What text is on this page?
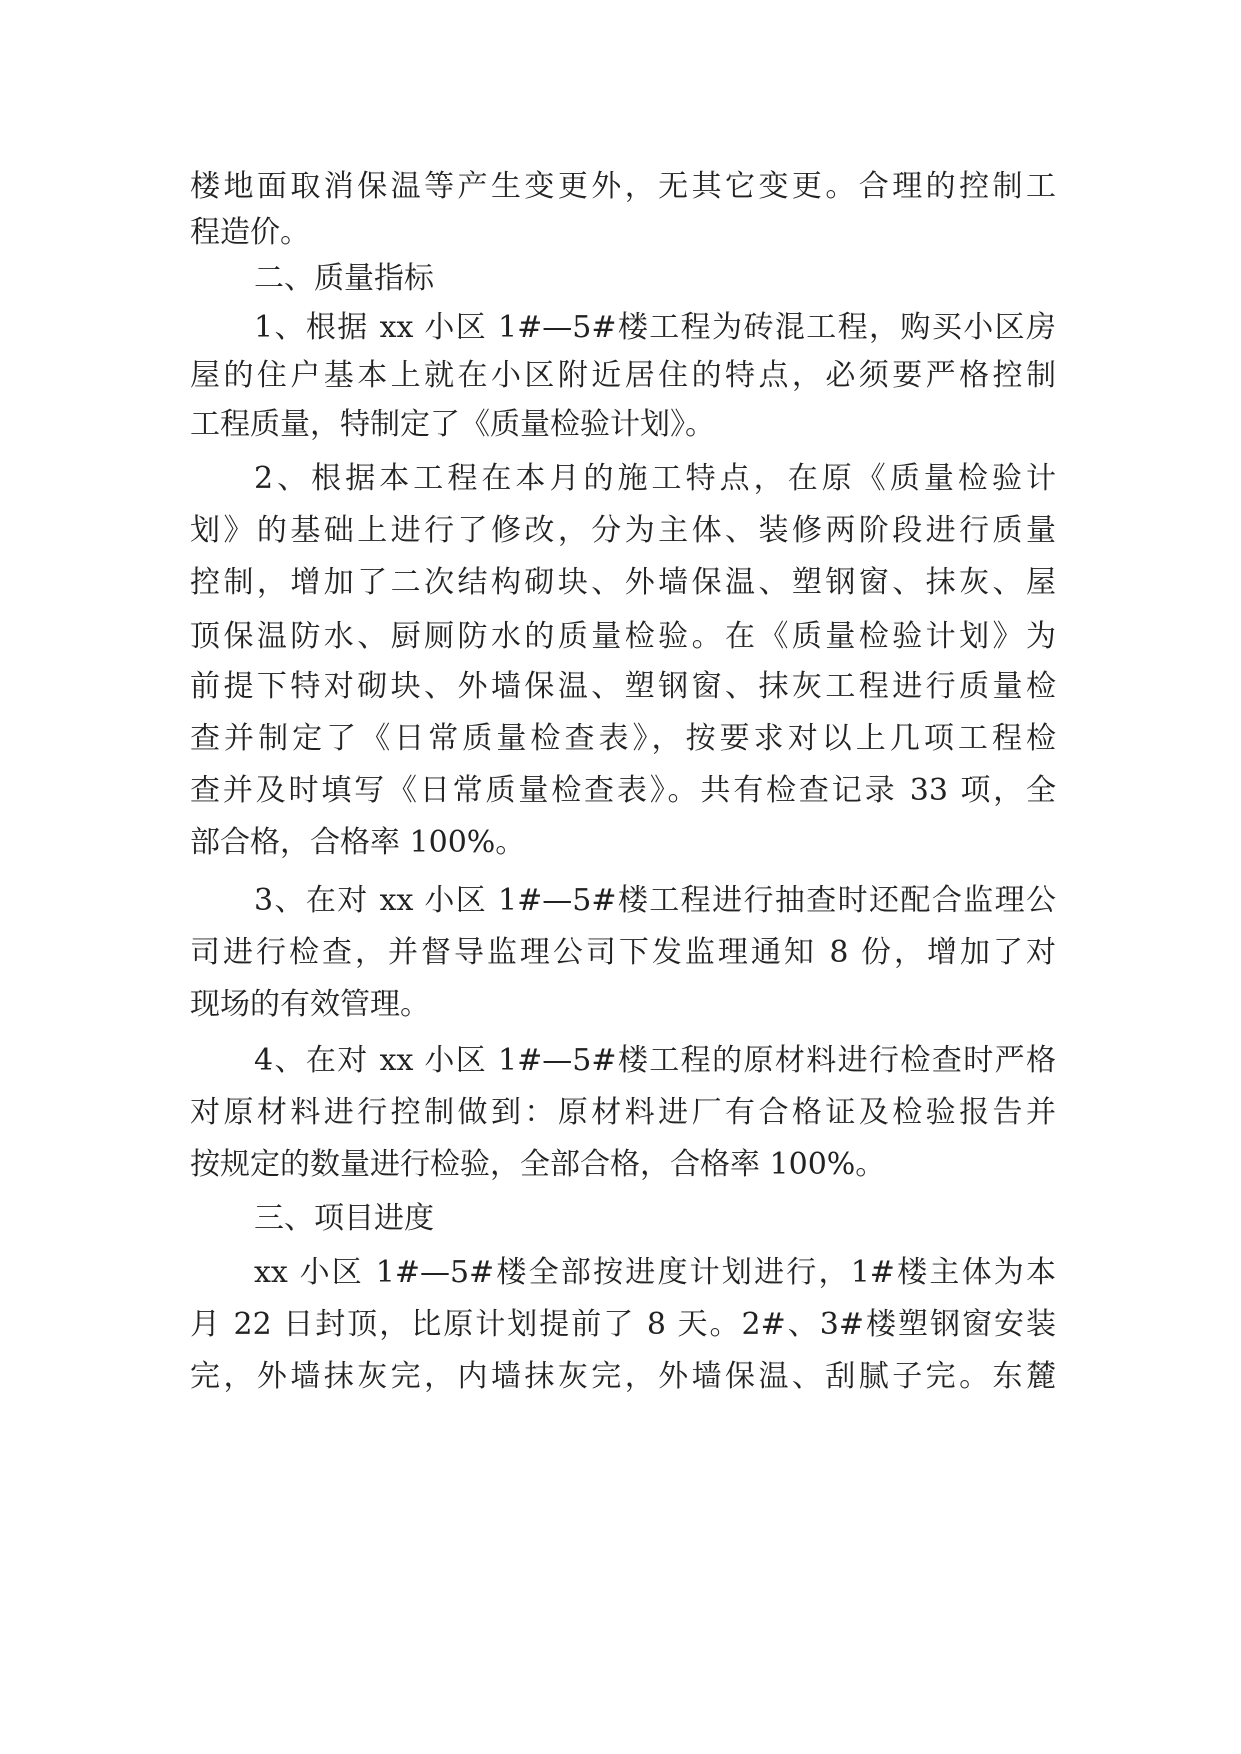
楼地面取消保温等产生变更外，无其它变更。合理的控制工
程造价。
二、质量指标
1、根据 xx 小区 1#—5#楼工程为砖混工程，购买小区房
屋的住户基本上就在小区附近居住的特点，必须要严格控制
工程质量，特制定了《质量检验计划》。
2、根据本工程在本月的施工特点，在原《质量检验计
划》的基础上进行了修改，分为主体、装修两阶段进行质量
控制，增加了二次结构砌块、外墙保温、塑钢窗、抹灰、屋
顶保温防水、厨厕防水的质量检验。在《质量检验计划》为
前提下特对砌块、外墙保温、塑钢窗、抹灰工程进行质量检
查并制定了《日常质量检查表》，按要求对以上几项工程检
查并及时填写《日常质量检查表》。共有检查记录 33 项，全
部合格，合格率 100%。
3、在对 xx 小区 1#—5#楼工程进行抽查时还配合监理公
司进行检查，并督导监理公司下发监理通知 8 份，增加了对
现场的有效管理。
4、在对 xx 小区 1#—5#楼工程的原材料进行检查时严格
对原材料进行控制做到：原材料进厂有合格证及检验报告并
按规定的数量进行检验，全部合格，合格率 100%。
三、项目进度
xx 小区 1#—5#楼全部按进度计划进行，1#楼主体为本
月 22 日封顶，比原计划提前了 8 天。2#、3#楼塑钢窗安装
完，外墙抹灰完，内墙抹灰完，外墙保温、刮腻子完。东麓
